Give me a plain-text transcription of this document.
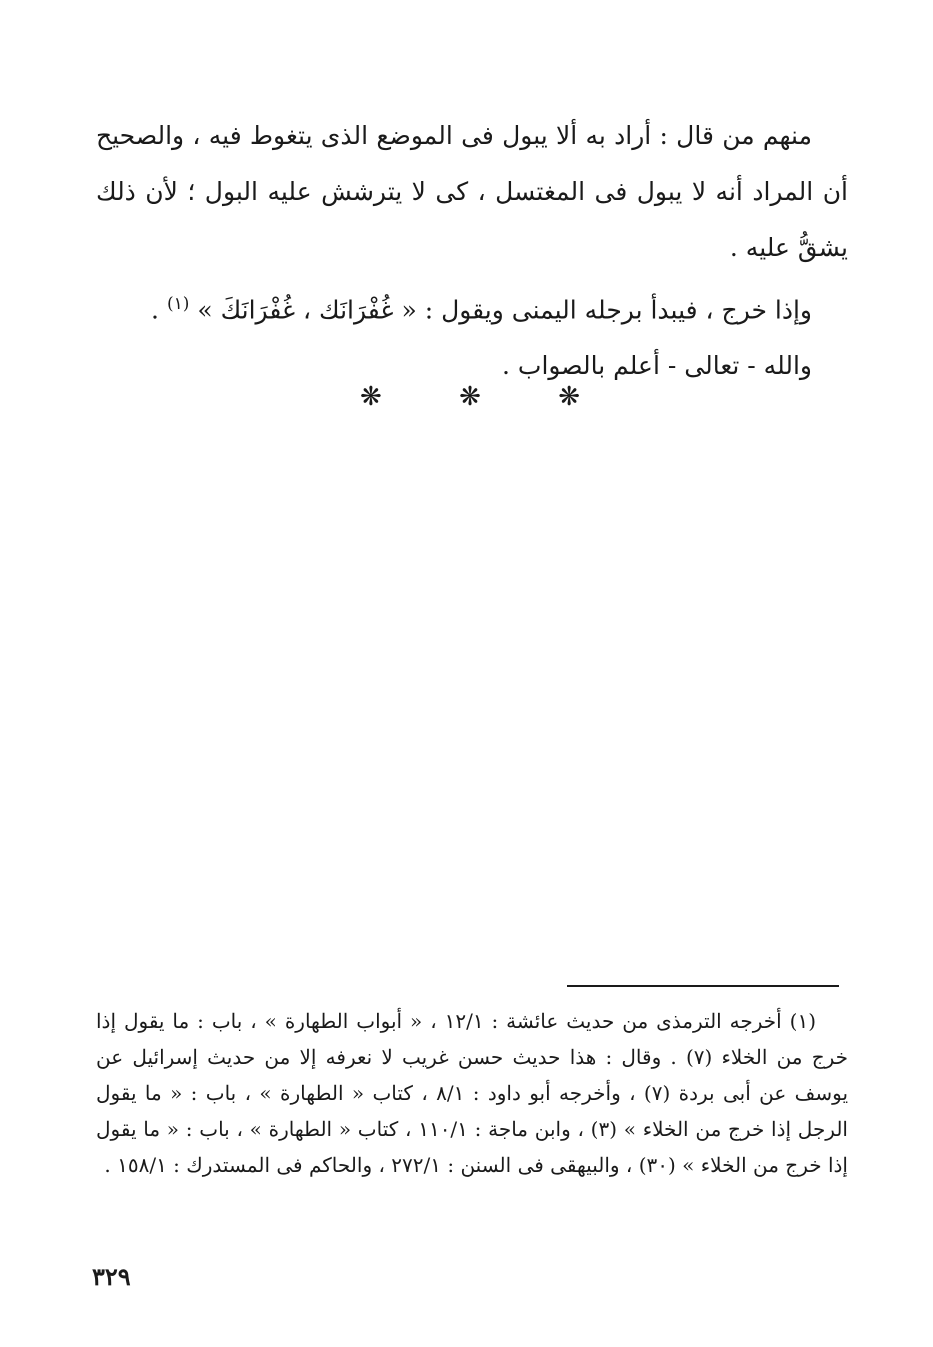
منهم من قال : أراد به ألا يبول فى الموضع الذى يتغوط فيه ، والصحيح أن المراد أنه لا يبول فى المغتسل ، كى لا يترشش عليه البول ؛ لأن ذلك يشقُّ عليه .

وإذا خرج ، فيبدأ برجله اليمنى ويقول : « غُفْرَانَك ، غُفْرَانَكَ » $^{(١)}$ .

والله - تعالى - أعلم بالصواب .

❋	❋	❋

(١) أخرجه الترمذى من حديث عائشة : ١٢/١ ، « أبواب الطهارة » ، باب : ما يقول إذا خرج من الخلاء (٧) . وقال : هذا حديث حسن غريب لا نعرفه إلا من حديث إسرائيل عن يوسف عن أبى بردة (٧) ، وأخرجه أبو داود : ٨/١ ، كتاب « الطهارة » ، باب : « ما يقول الرجل إذا خرج من الخلاء » (٣) ، وابن ماجة : ١١٠/١ ، كتاب « الطهارة » ، باب : « ما يقول إذا خرج من الخلاء » (٣٠) ، والبيهقى فى السنن : ٢٧٢/١ ، والحاكم فى المستدرك : ١٥٨/١ .

٣٢٩
